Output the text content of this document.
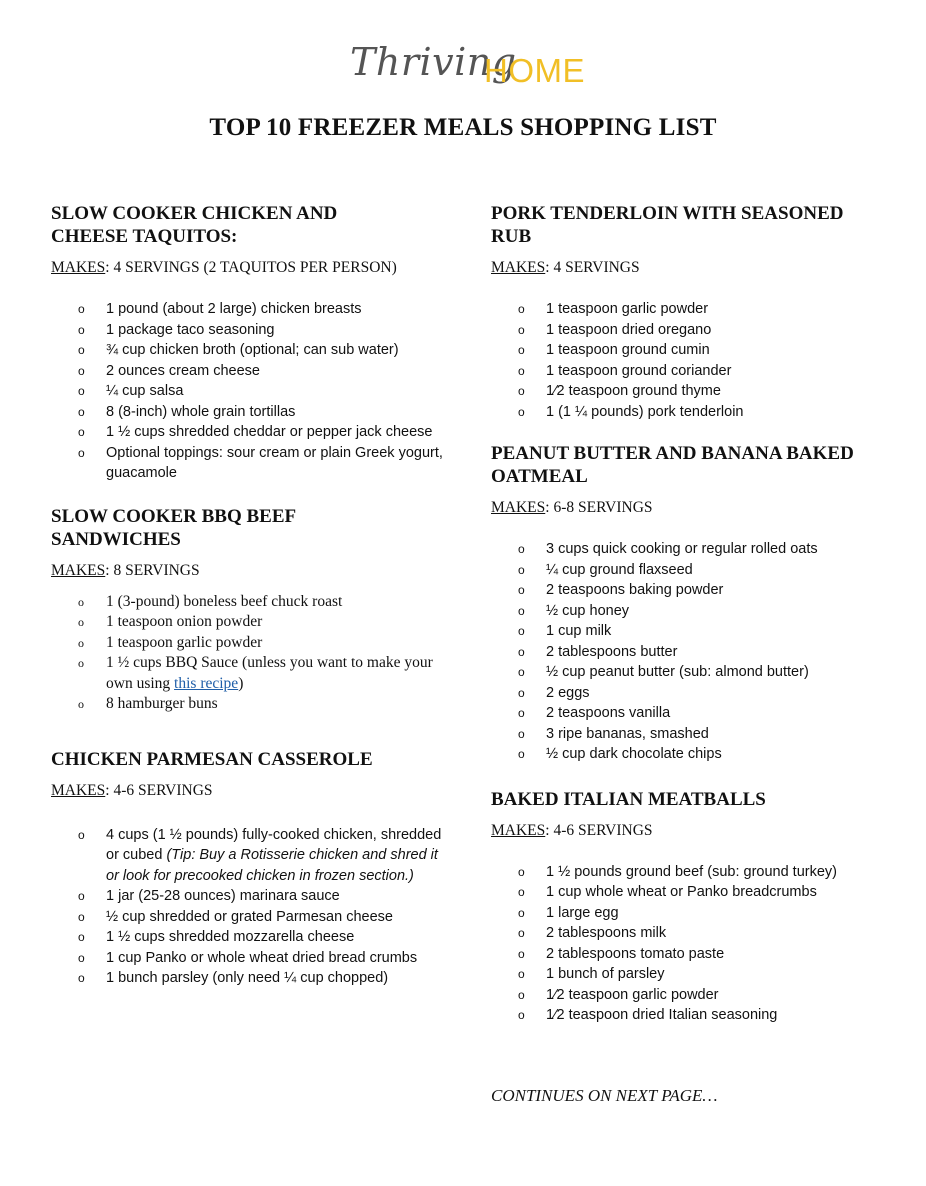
Thriving
HOME
TOP 10 FREEZER MEALS SHOPPING LIST
SLOW COOKER CHICKEN AND
CHEESE TAQUITOS:
MAKES: 4 SERVINGS (2 TAQUITOS PER PERSON)
o 1 pound (about 2 large) chicken breasts
o 1 package taco seasoning
o ¾ cup chicken broth (optional; can sub water)
o 2 ounces cream cheese
o ¼ cup salsa
o 8 (8-inch) whole grain tortillas
o 1 ½ cups shredded cheddar or pepper jack cheese
o Optional toppings: sour cream or plain Greek yogurt, guacamole
SLOW COOKER BBQ BEEF
SANDWICHES
MAKES: 8 SERVINGS
o 1 (3-pound) boneless beef chuck roast
o 1 teaspoon onion powder
o 1 teaspoon garlic powder
o 1 ½ cups BBQ Sauce (unless you want to make your own using this recipe)
o 8 hamburger buns
CHICKEN PARMESAN CASSEROLE
MAKES: 4-6 SERVINGS
o 4 cups (1 ½ pounds) fully-cooked chicken, shredded or cubed (Tip: Buy a Rotisserie chicken and shred it or look for precooked chicken in frozen section.)
o 1 jar (25-28 ounces) marinara sauce
o ½ cup shredded or grated Parmesan cheese
o 1 ½ cups shredded mozzarella cheese
o 1 cup Panko or whole wheat dried bread crumbs
o 1 bunch parsley (only need ¼ cup chopped)
PORK TENDERLOIN WITH SEASONED
RUB
MAKES: 4 SERVINGS
o 1 teaspoon garlic powder
o 1 teaspoon dried oregano
o 1 teaspoon ground cumin
o 1 teaspoon ground coriander
o 1⁄2 teaspoon ground thyme
o 1 (1 ¼ pounds) pork tenderloin
PEANUT BUTTER AND BANANA BAKED
OATMEAL
MAKES: 6-8 SERVINGS
o 3 cups quick cooking or regular rolled oats
o ¼ cup ground flaxseed
o 2 teaspoons baking powder
o ½ cup honey
o 1 cup milk
o 2 tablespoons butter
o ½ cup peanut butter (sub: almond butter)
o 2 eggs
o 2 teaspoons vanilla
o 3 ripe bananas, smashed
o ½ cup dark chocolate chips
BAKED ITALIAN MEATBALLS
MAKES: 4-6 SERVINGS
o 1 ½ pounds ground beef (sub: ground turkey)
o 1 cup whole wheat or Panko breadcrumbs
o 1 large egg
o 2 tablespoons milk
o 2 tablespoons tomato paste
o 1 bunch of parsley
o 1⁄2 teaspoon garlic powder
o 1⁄2 teaspoon dried Italian seasoning
CONTINUES ON NEXT PAGE…
